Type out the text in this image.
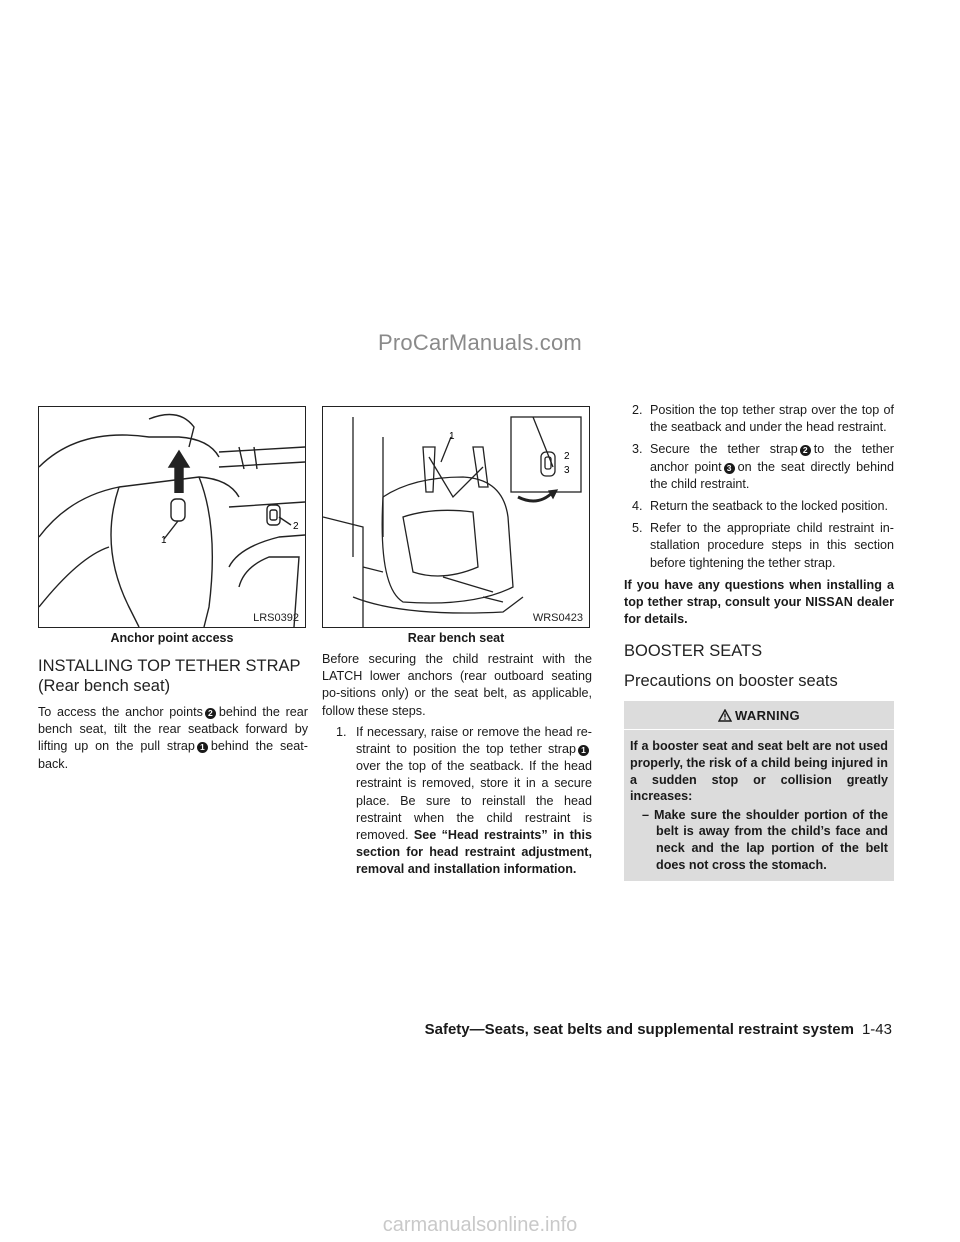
ProCarManuals.com
1
2
LRS0392
Anchor point access
INSTALLING TOP TETHER STRAP
(Rear bench seat)

To access the anchor points 2 behind the rear bench seat, tilt the rear seatback forward by lifting up on the pull strap 1 behind the seat-back.

1
2
3
WRS0423
Rear bench seat

Before securing the child restraint with the LATCH lower anchors (rear outboard seating po-sitions only) or the seat belt, as applicable, follow these steps.

1. If necessary, raise or remove the head re-straint to position the top tether strap 1over the top of the seatback. If the head restraint is removed, store it in a secure place. Be sure to reinstall the head restraint when the child restraint is removed. See “Head restraints” in this section for head restraint adjustment, removal and installation information.
2. Position the top tether strap over the top of the seatback and under the head restraint.
3. Secure the tether strap 2 to the tether anchor point 3 on the seat directly behind the child restraint.
4. Return the seatback to the locked position.
5. Refer to the appropriate child restraint in-stallation procedure steps in this section before tightening the tether strap.

If you have any questions when installing a top tether strap, consult your NISSAN dealer for details.

BOOSTER SEATS
Precautions on booster seats
WARNING
If a booster seat and seat belt are not used properly, the risk of a child being injured in a sudden stop or collision greatly increases:
– Make sure the shoulder portion of the belt is away from the child’s face and neck and the lap portion of the belt does not cross the stomach.
Safety—Seats, seat belts and supplemental restraint system 1-43
carmanualsonline.info
